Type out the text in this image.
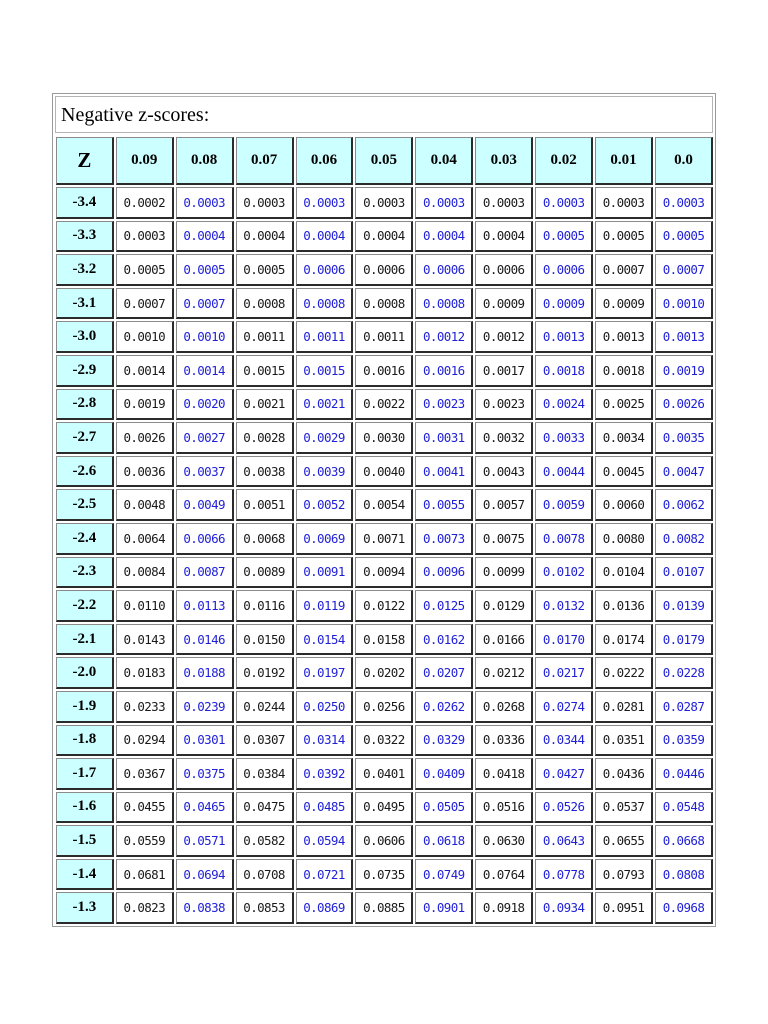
Negative z-scores:
Z	0.09	0.08	0.07	0.06	0.05	0.04	0.03	0.02	0.01	0.0
-3.4	0.0002	0.0003	0.0003	0.0003	0.0003	0.0003	0.0003	0.0003	0.0003	0.0003
-3.3	0.0003	0.0004	0.0004	0.0004	0.0004	0.0004	0.0004	0.0005	0.0005	0.0005
-3.2	0.0005	0.0005	0.0005	0.0006	0.0006	0.0006	0.0006	0.0006	0.0007	0.0007
-3.1	0.0007	0.0007	0.0008	0.0008	0.0008	0.0008	0.0009	0.0009	0.0009	0.0010
-3.0	0.0010	0.0010	0.0011	0.0011	0.0011	0.0012	0.0012	0.0013	0.0013	0.0013
-2.9	0.0014	0.0014	0.0015	0.0015	0.0016	0.0016	0.0017	0.0018	0.0018	0.0019
-2.8	0.0019	0.0020	0.0021	0.0021	0.0022	0.0023	0.0023	0.0024	0.0025	0.0026
-2.7	0.0026	0.0027	0.0028	0.0029	0.0030	0.0031	0.0032	0.0033	0.0034	0.0035
-2.6	0.0036	0.0037	0.0038	0.0039	0.0040	0.0041	0.0043	0.0044	0.0045	0.0047
-2.5	0.0048	0.0049	0.0051	0.0052	0.0054	0.0055	0.0057	0.0059	0.0060	0.0062
-2.4	0.0064	0.0066	0.0068	0.0069	0.0071	0.0073	0.0075	0.0078	0.0080	0.0082
-2.3	0.0084	0.0087	0.0089	0.0091	0.0094	0.0096	0.0099	0.0102	0.0104	0.0107
-2.2	0.0110	0.0113	0.0116	0.0119	0.0122	0.0125	0.0129	0.0132	0.0136	0.0139
-2.1	0.0143	0.0146	0.0150	0.0154	0.0158	0.0162	0.0166	0.0170	0.0174	0.0179
-2.0	0.0183	0.0188	0.0192	0.0197	0.0202	0.0207	0.0212	0.0217	0.0222	0.0228
-1.9	0.0233	0.0239	0.0244	0.0250	0.0256	0.0262	0.0268	0.0274	0.0281	0.0287
-1.8	0.0294	0.0301	0.0307	0.0314	0.0322	0.0329	0.0336	0.0344	0.0351	0.0359
-1.7	0.0367	0.0375	0.0384	0.0392	0.0401	0.0409	0.0418	0.0427	0.0436	0.0446
-1.6	0.0455	0.0465	0.0475	0.0485	0.0495	0.0505	0.0516	0.0526	0.0537	0.0548
-1.5	0.0559	0.0571	0.0582	0.0594	0.0606	0.0618	0.0630	0.0643	0.0655	0.0668
-1.4	0.0681	0.0694	0.0708	0.0721	0.0735	0.0749	0.0764	0.0778	0.0793	0.0808
-1.3	0.0823	0.0838	0.0853	0.0869	0.0885	0.0901	0.0918	0.0934	0.0951	0.0968
